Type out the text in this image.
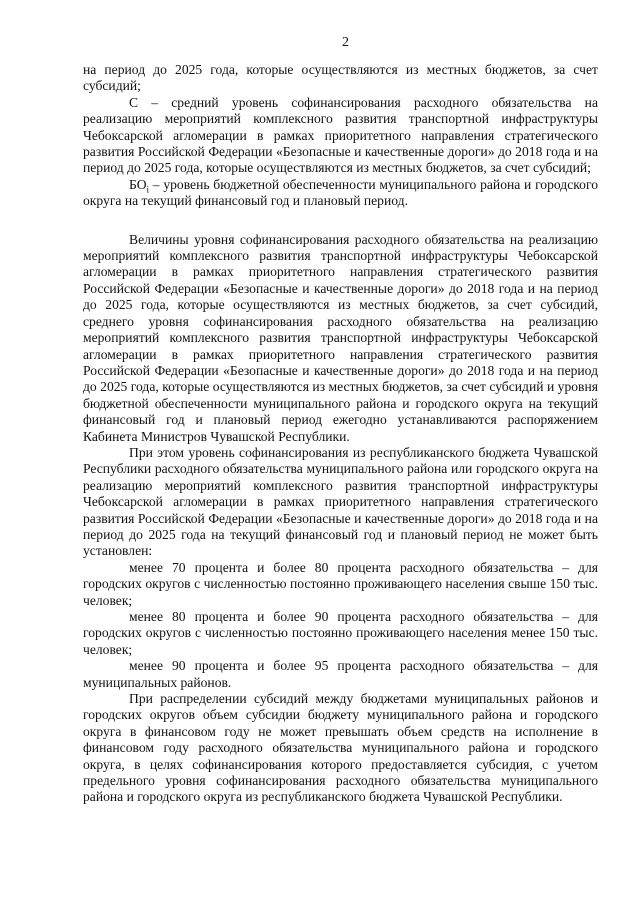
2

на период до 2025 года, которые осуществляются из местных бюджетов, за счет субсидий;

С – средний уровень софинансирования расходного обязательства на реализацию мероприятий комплексного развития транспортной инфраструктуры Чебоксарской агломерации в рамках приоритетного направления стратегического развития Российской Федерации «Безопасные и качественные дороги» до 2018 года и на период до 2025 года, которые осуществляются из местных бюджетов, за счет субсидий;

$БО_i$ – уровень бюджетной обеспеченности муниципального района и городского округа на текущий финансовый год и плановый период.

Величины уровня софинансирования расходного обязательства на реализацию мероприятий комплексного развития транспортной инфраструктуры Чебоксарской агломерации в рамках приоритетного направления стратегического развития Российской Федерации «Безопасные и качественные дороги» до 2018 года и на период до 2025 года, которые осуществляются из местных бюджетов, за счет субсидий, среднего уровня софинансирования расходного обязательства на реализацию мероприятий комплексного развития транспортной инфраструктуры Чебоксарской агломерации в рамках приоритетного направления стратегического развития Российской Федерации «Безопасные и качественные дороги» до 2018 года и на период до 2025 года, которые осуществляются из местных бюджетов, за счет субсидий и уровня бюджетной обеспеченности муниципального района и городского округа на текущий финансовый год и плановый период ежегодно устанавливаются распоряжением Кабинета Министров Чувашской Республики.

При этом уровень софинансирования из республиканского бюджета Чувашской Республики расходного обязательства муниципального района или городского округа на реализацию мероприятий комплексного развития транспортной инфраструктуры Чебоксарской агломерации в рамках приоритетного направления стратегического развития Российской Федерации «Безопасные и качественные дороги» до 2018 года и на период до 2025 года на текущий финансовый год и плановый период не может быть установлен:

менее 70 процента и более 80 процента расходного обязательства – для городских округов с численностью постоянно проживающего населения свыше 150 тыс. человек;

менее 80 процента и более 90 процента расходного обязательства – для городских округов с численностью постоянно проживающего населения менее 150 тыс. человек;

менее 90 процента и более 95 процента расходного обязательства – для муниципальных районов.

При распределении субсидий между бюджетами муниципальных районов и городских округов объем субсидии бюджету муниципального района и городского округа в финансовом году не может превышать объем средств на исполнение в финансовом году расходного обязательства муниципального района и городского округа, в целях софинансирования которого предоставляется субсидия, с учетом предельного уровня софинансирования расходного обязательства муниципального района и городского округа из республиканского бюджета Чувашской Республики.
